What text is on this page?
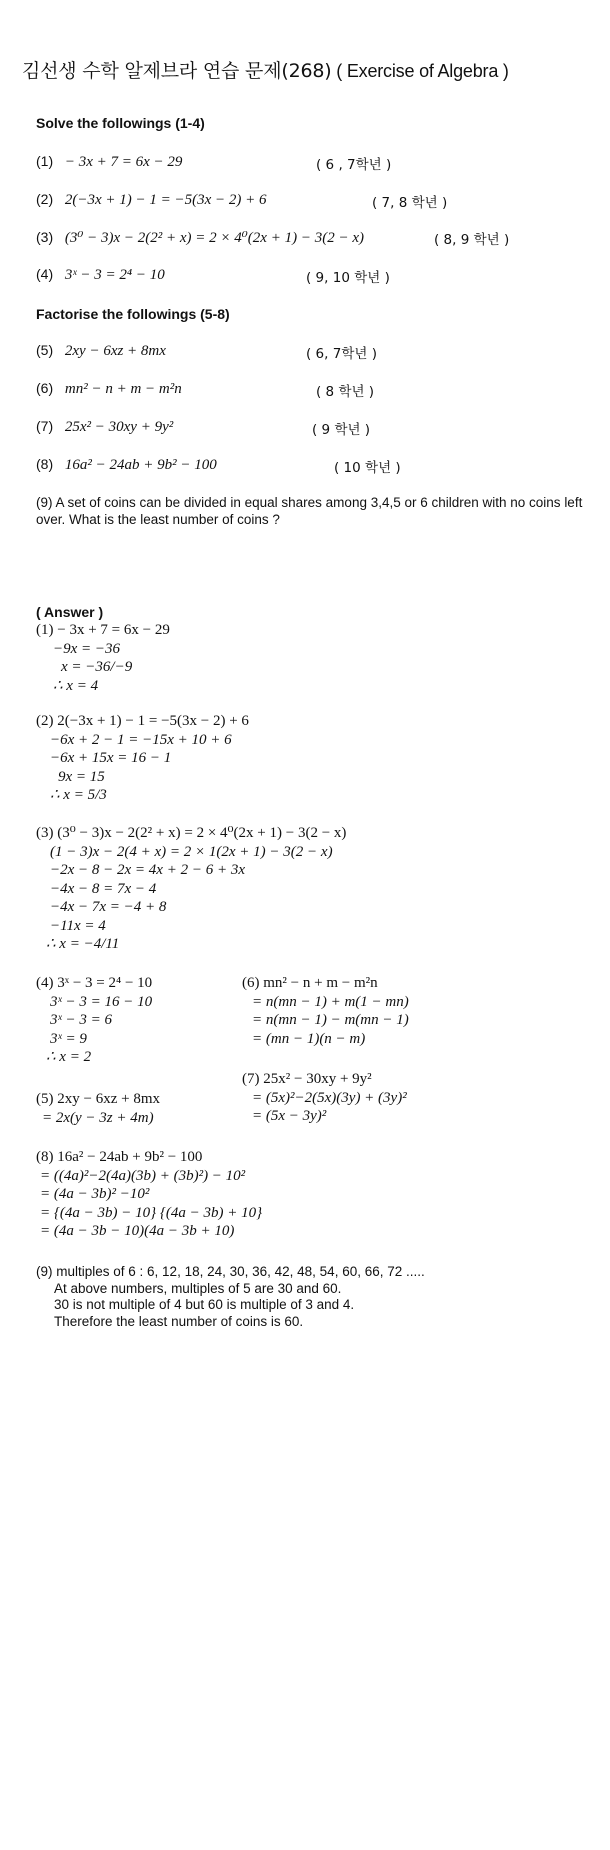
김선생 수학 알제브라 연습 문제(268) ( Exercise of Algebra )
Solve the followings (1-4)
(1) − 3x + 7 = 6x − 29	( 6 , 7학년 )
(2) 2(−3x + 1) − 1 = −5(3x − 2) + 6	( 7, 8 학년 )
(3) (3⁰ − 3)x − 2(2² + x) = 2 × 4⁰(2x + 1) − 3(2 − x)	( 8, 9 학년 )
(4) 3ˣ − 3 = 2⁴ − 10	( 9, 10 학년 )
Factorise the followings (5-8)
(5) 2xy − 6xz + 8mx	( 6, 7학년 )
(6) mn² − n + m − m²n	( 8 학년 )
(7) 25x² − 30xy + 9y²	( 9 학년 )
(8) 16a² − 24ab + 9b² − 100	( 10 학년 )
(9) A set of coins can be divided in equal shares among 3,4,5 or 6 children with no coins left over. What is the least number of coins ?
( Answer )
(1) − 3x + 7 = 6x − 29
−9x = −36
x = −36/−9
∴ x = 4
(2) 2(−3x + 1) − 1 = −5(3x − 2) + 6
−6x + 2 − 1 = −15x + 10 + 6
−6x + 15x = 16 − 1
9x = 15
∴ x = 5/3
(3) (3⁰ − 3)x − 2(2² + x) = 2 × 4⁰(2x + 1) − 3(2 − x)
(1 − 3)x − 2(4 + x) = 2 × 1(2x + 1) − 3(2 − x)
−2x − 8 − 2x = 4x + 2 − 6 + 3x
−4x − 8 = 7x − 4
−4x − 7x = −4 + 8
−11x = 4
∴ x = −4/11
(4) 3ˣ − 3 = 2⁴ − 10
3ˣ − 3 = 16 − 10
3ˣ − 3 = 6
3ˣ = 9
∴ x = 2
(5) 2xy − 6xz + 8mx
= 2x(y − 3z + 4m)
(6) mn² − n + m − m²n
= n(mn − 1) + m(1 − mn)
= n(mn − 1) − m(mn − 1)
= (mn − 1)(n − m)
(7) 25x² − 30xy + 9y²
= (5x)²−2(5x)(3y) + (3y)²
= (5x − 3y)²
(8) 16a² − 24ab + 9b² − 100
= ((4a)²−2(4a)(3b) + (3b)²) − 10²
= (4a − 3b)² −10²
= {(4a − 3b) − 10} {(4a − 3b) + 10}
= (4a − 3b − 10)(4a − 3b + 10)
(9) multiples of 6 : 6, 12, 18, 24, 30, 36, 42, 48, 54, 60, 66, 72 .....
At above numbers, multiples of 5 are 30 and 60.
30 is not multiple of 4 but 60 is multiple of 3 and 4.
Therefore the least number of coins is 60.
